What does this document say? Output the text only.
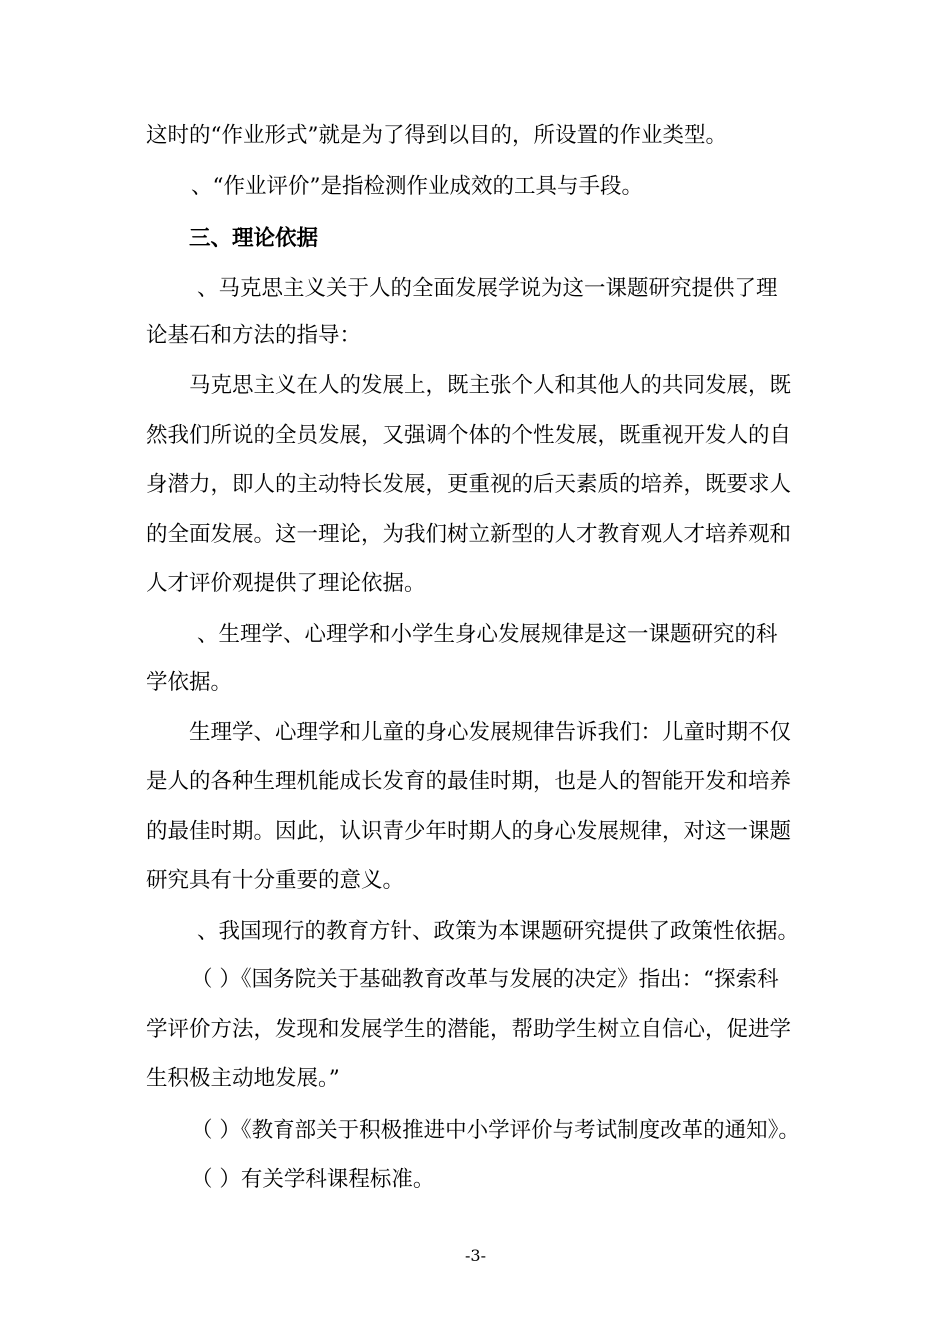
这时的“作业形式”就是为了得到以目的，所设置的作业类型。
、“作业评价”是指检测作业成效的工具与手段。
三、理论依据
、马克思主义关于人的全面发展学说为这一课题研究提供了理
论基石和方法的指导：
马克思主义在人的发展上，既主张个人和其他人的共同发展，既
然我们所说的全员发展，又强调个体的个性发展，既重视开发人的自
身潜力，即人的主动特长发展，更重视的后天素质的培养，既要求人
的全面发展。这一理论，为我们树立新型的人才教育观人才培养观和
人才评价观提供了理论依据。
、生理学、心理学和小学生身心发展规律是这一课题研究的科
学依据。
生理学、心理学和儿童的身心发展规律告诉我们：儿童时期不仅
是人的各种生理机能成长发育的最佳时期，也是人的智能开发和培养
的最佳时期。因此，认识青少年时期人的身心发展规律，对这一课题
研究具有十分重要的意义。
、我国现行的教育方针、政策为本课题研究提供了政策性依据。
（ ）《国务院关于基础教育改革与发展的决定》指出：“探索科
学评价方法，发现和发展学生的潜能，帮助学生树立自信心，促进学
生积极主动地发展。”
（ ）《教育部关于积极推进中小学评价与考试制度改革的通知》。
（ ）有关学科课程标准。
-3-
